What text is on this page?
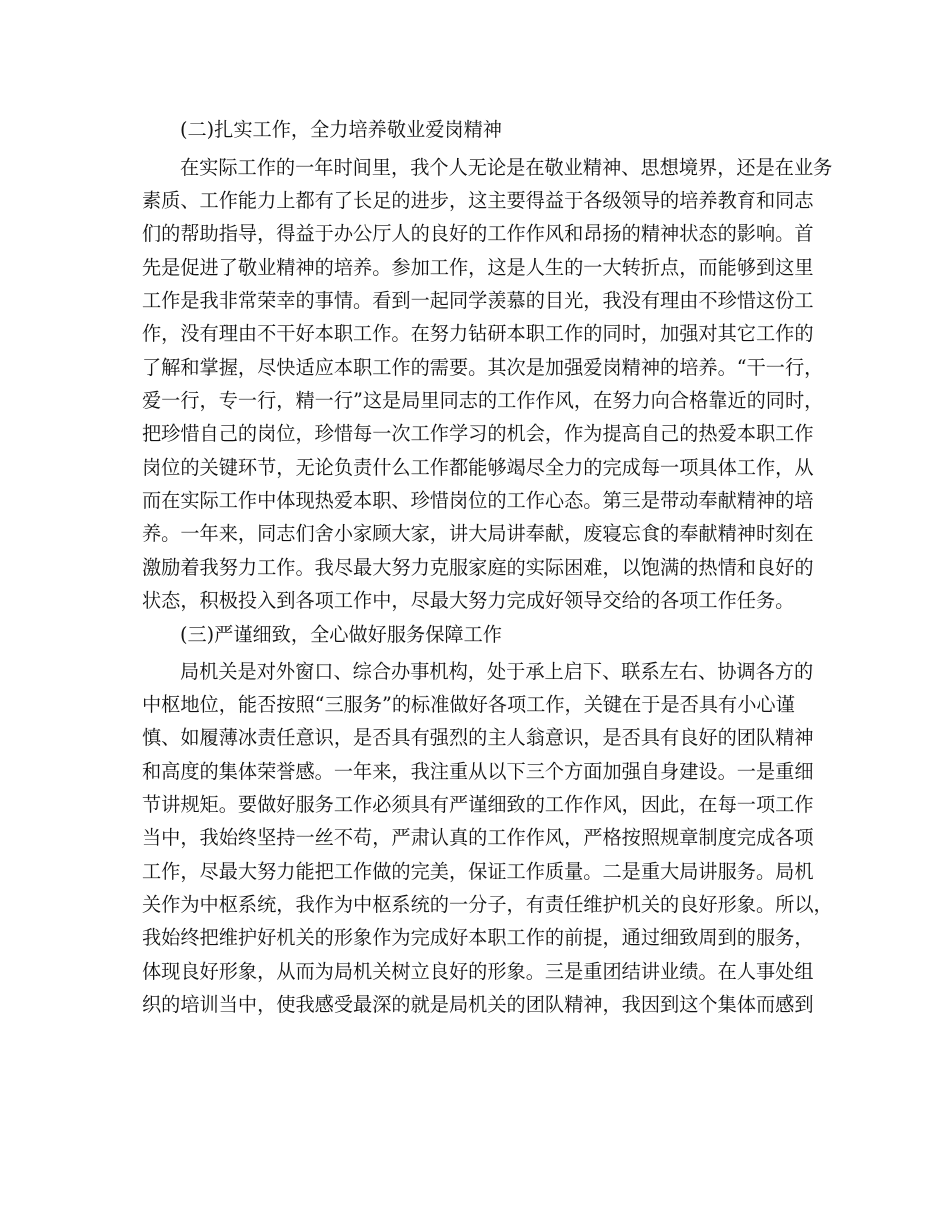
(二)扎实工作，全力培养敬业爱岗精神
在实际工作的一年时间里，我个人无论是在敬业精神、思想境界，还是在业务
素质、工作能力上都有了长足的进步，这主要得益于各级领导的培养教育和同志
们的帮助指导，得益于办公厅人的良好的工作作风和昂扬的精神状态的影响。首
先是促进了敬业精神的培养。参加工作，这是人生的一大转折点，而能够到这里
工作是我非常荣幸的事情。看到一起同学羡慕的目光，我没有理由不珍惜这份工
作，没有理由不干好本职工作。在努力钻研本职工作的同时，加强对其它工作的
了解和掌握，尽快适应本职工作的需要。其次是加强爱岗精神的培养。“干一行，
爱一行，专一行，精一行”这是局里同志的工作作风，在努力向合格靠近的同时，
把珍惜自己的岗位，珍惜每一次工作学习的机会，作为提高自己的热爱本职工作
岗位的关键环节，无论负责什么工作都能够竭尽全力的完成每一项具体工作，从
而在实际工作中体现热爱本职、珍惜岗位的工作心态。第三是带动奉献精神的培
养。一年来，同志们舍小家顾大家，讲大局讲奉献，废寝忘食的奉献精神时刻在
激励着我努力工作。我尽最大努力克服家庭的实际困难，以饱满的热情和良好的
状态，积极投入到各项工作中，尽最大努力完成好领导交给的各项工作任务。
(三)严谨细致，全心做好服务保障工作
局机关是对外窗口、综合办事机构，处于承上启下、联系左右、协调各方的
中枢地位，能否按照“三服务”的标准做好各项工作，关键在于是否具有小心谨
慎、如履薄冰责任意识，是否具有强烈的主人翁意识，是否具有良好的团队精神
和高度的集体荣誉感。一年来，我注重从以下三个方面加强自身建设。一是重细
节讲规矩。要做好服务工作必须具有严谨细致的工作作风，因此，在每一项工作
当中，我始终坚持一丝不苟，严肃认真的工作作风，严格按照规章制度完成各项
工作，尽最大努力能把工作做的完美，保证工作质量。二是重大局讲服务。局机
关作为中枢系统，我作为中枢系统的一分子，有责任维护机关的良好形象。所以，
我始终把维护好机关的形象作为完成好本职工作的前提，通过细致周到的服务，
体现良好形象，从而为局机关树立良好的形象。三是重团结讲业绩。在人事处组
织的培训当中，使我感受最深的就是局机关的团队精神，我因到这个集体而感到
